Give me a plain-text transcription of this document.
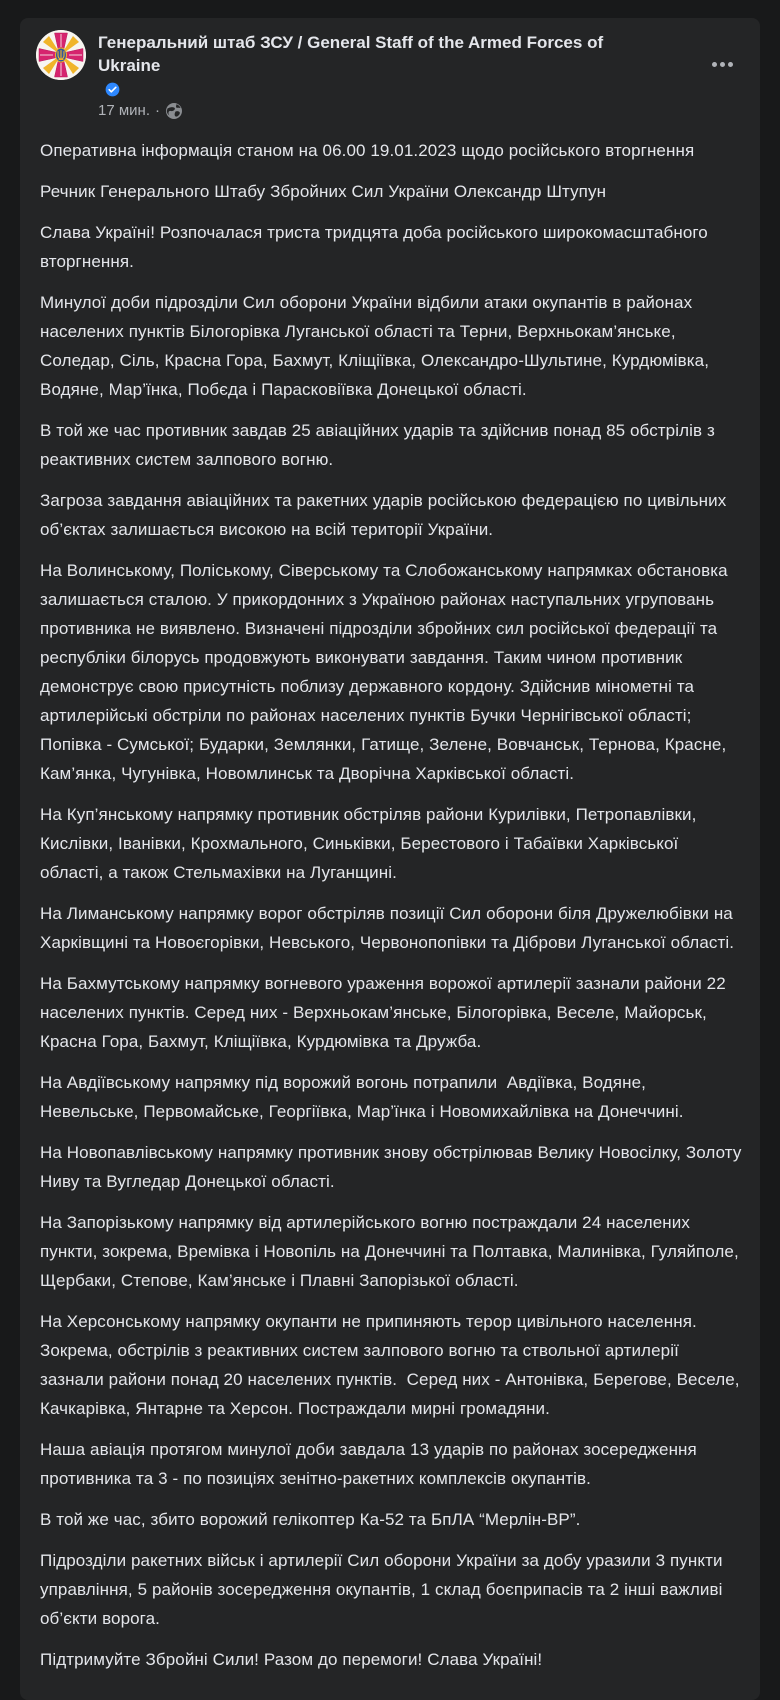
Генеральний штаб ЗСУ / General Staff of the Armed Forces of Ukraine
17 мин. ·

Оперативна інформація станом на 06.00 19.01.2023 щодо російського вторгнення

Речник Генерального Штабу Збройних Сил України Олександр Штупун

Слава Україні! Розпочалася триста тридцята доба російського широкомасштабного вторгнення.

Минулої доби підрозділи Сил оборони України відбили атаки окупантів в районах населених пунктів Білогорівка Луганської області та Терни, Верхньокам’янське, Соледар, Сіль, Красна Гора, Бахмут, Кліщіївка, Олександро-Шультине, Курдюмівка, Водяне, Мар’їнка, Побєда і Парасковіївка Донецької області.

В той же час противник завдав 25 авіаційних ударів та здійснив понад 85 обстрілів з реактивних систем залпового вогню.

Загроза завдання авіаційних та ракетних ударів російською федерацією по цивільних об’єктах залишається високою на всій території України.

На Волинському, Поліському, Сіверському та Слобожанському напрямках обстановка залишається сталою. У прикордонних з Україною районах наступальних угруповань противника не виявлено. Визначені підрозділи збройних сил російської федерації та республіки білорусь продовжують виконувати завдання. Таким чином противник демонструє свою присутність поблизу державного кордону. Здійснив мінометні та артилерійські обстріли по районах населених пунктів Бучки Чернігівської області; Попівка - Сумської; Бударки, Землянки, Гатище, Зелене, Вовчанськ, Тернова, Красне, Кам’янка, Чугунівка, Новомлинськ та Дворічна Харківської області.

На Куп’янському напрямку противник обстріляв райони Курилівки, Петропавлівки, Кислівки, Іванівки, Крохмального, Синьківки, Берестового і Табаївки Харківської області, а також Стельмахівки на Луганщині.

На Лиманському напрямку ворог обстріляв позиції Сил оборони біля Дружелюбівки на Харківщині та Новоєгорівки, Невського, Червонопопівки та Діброви Луганської області.

На Бахмутському напрямку вогневого ураження ворожої артилерії зазнали райони 22 населених пунктів. Серед них - Верхньокам’янське, Білогорівка, Веселе, Майорськ, Красна Гора, Бахмут, Кліщіївка, Курдюмівка та Дружба.

На Авдіївському напрямку під ворожий вогонь потрапили  Авдіївка, Водяне, Невельське, Первомайське, Георгіївка, Мар’їнка і Новомихайлівка на Донеччині.

На Новопавлівському напрямку противник знову обстрілював Велику Новосілку, Золоту Ниву та Вугледар Донецької області.

На Запорізькому напрямку від артилерійського вогню постраждали 24 населених пункти, зокрема, Времівка і Новопіль на Донеччині та Полтавка, Малинівка, Гуляйполе, Щербаки, Степове, Кам’янське і Плавні Запорізької області.

На Херсонському напрямку окупанти не припиняють терор цивільного населення. Зокрема, обстрілів з реактивних систем залпового вогню та ствольної артилерії зазнали райони понад 20 населених пунктів.  Серед них - Антонівка, Берегове, Веселе, Качкарівка, Янтарне та Херсон. Постраждали мирні громадяни.

Наша авіація протягом минулої доби завдала 13 ударів по районах зосередження противника та 3 - по позиціях зенітно-ракетних комплексів окупантів.

В той же час, збито ворожий гелікоптер Ка-52 та БпЛА “Мерлін-ВР”.

Підрозділи ракетних військ і артилерії Сил оборони України за добу уразили 3 пункти управління, 5 районів зосередження окупантів, 1 склад боєприпасів та 2 інші важливі об’єкти ворога.

Підтримуйте Збройні Сили! Разом до перемоги! Слава Україні!
